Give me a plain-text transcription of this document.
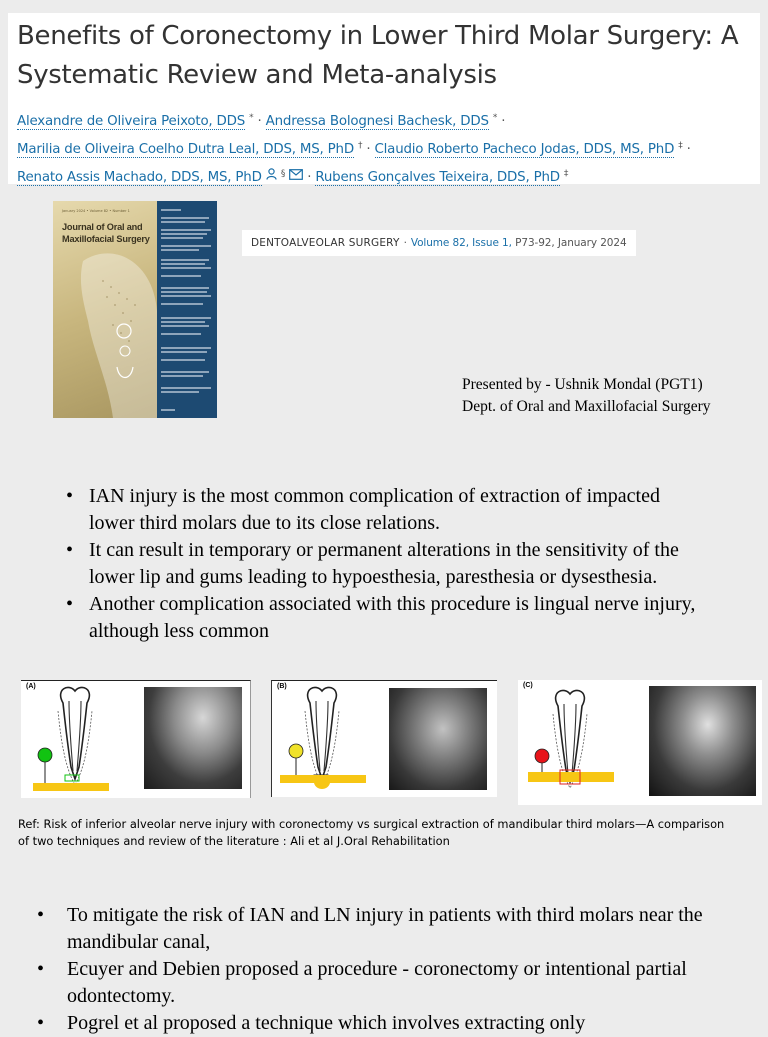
Benefits of Coronectomy in Lower Third Molar Surgery: A Systematic Review and Meta-analysis
Alexandre de Oliveira Peixoto, DDS * · Andressa Bolognesi Bachesk, DDS * ·
Marilia de Oliveira Coelho Dutra Leal, DDS, MS, PhD † · Claudio Roberto Pacheco Jodas, DDS, MS, PhD ‡ ·
Renato Assis Machado, DDS, MS, PhD § · Rubens Gonçalves Teixeira, DDS, PhD ‡
January 2024 • Volume 82 • Number 1
Journal of Oral and Maxillofacial Surgery	DENTOALVEOLAR SURGERY · Volume 82, Issue 1, P73-92, January 2024
Presented by - Ushnik Mondal (PGT1)
Dept. of Oral and Maxillofacial Surgery
• IAN injury is the most common complication of extraction of impacted lower third molars due to its close relations.
• It can result in temporary or permanent alterations in the sensitivity of the lower lip and gums leading to hypoesthesia, paresthesia or dysesthesia.
• Another complication associated with this procedure is lingual nerve injury, although less common
(A)	(B)	(C)
Ref: Risk of inferior alveolar nerve injury with coronectomy vs surgical extraction of mandibular third molars—A comparison of two techniques and review of the literature : Ali et al J.Oral Rehabilitation
• To mitigate the risk of IAN and LN injury in patients with third molars near the mandibular canal,
• Ecuyer and Debien proposed a procedure - coronectomy or intentional partial odontectomy.
• Pogrel et al proposed a technique which involves extracting only
